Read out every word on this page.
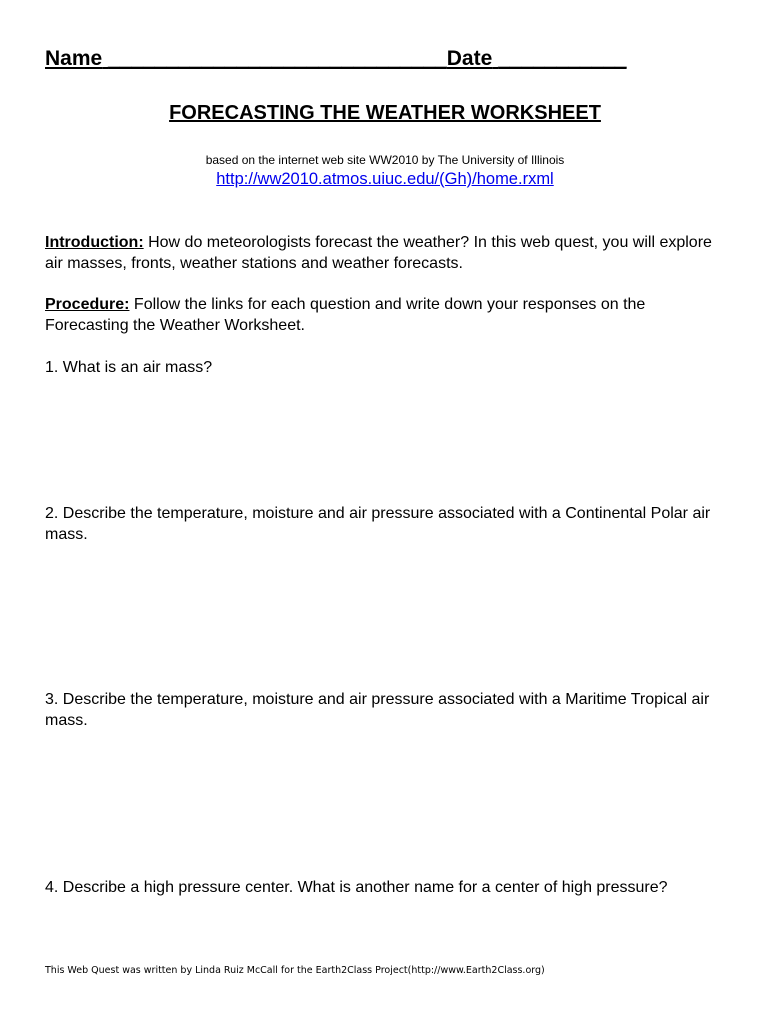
Name _____________________________Date ___________
FORECASTING THE WEATHER WORKSHEET
based on the internet web site WW2010 by The University of Illinois
http://ww2010.atmos.uiuc.edu/(Gh)/home.rxml
Introduction: How do meteorologists forecast the weather? In this web quest, you will explore air masses, fronts, weather stations and weather forecasts.
Procedure: Follow the links for each question and write down your responses on the Forecasting the Weather Worksheet.
1. What is an air mass?
2. Describe the temperature, moisture and air pressure associated with a Continental Polar air mass.
3. Describe the temperature, moisture and air pressure associated with a Maritime Tropical air mass.
4. Describe a high pressure center. What is another name for a center of high pressure?
This Web Quest was written by Linda Ruiz McCall for the Earth2Class Project(http://www.Earth2Class.org)
